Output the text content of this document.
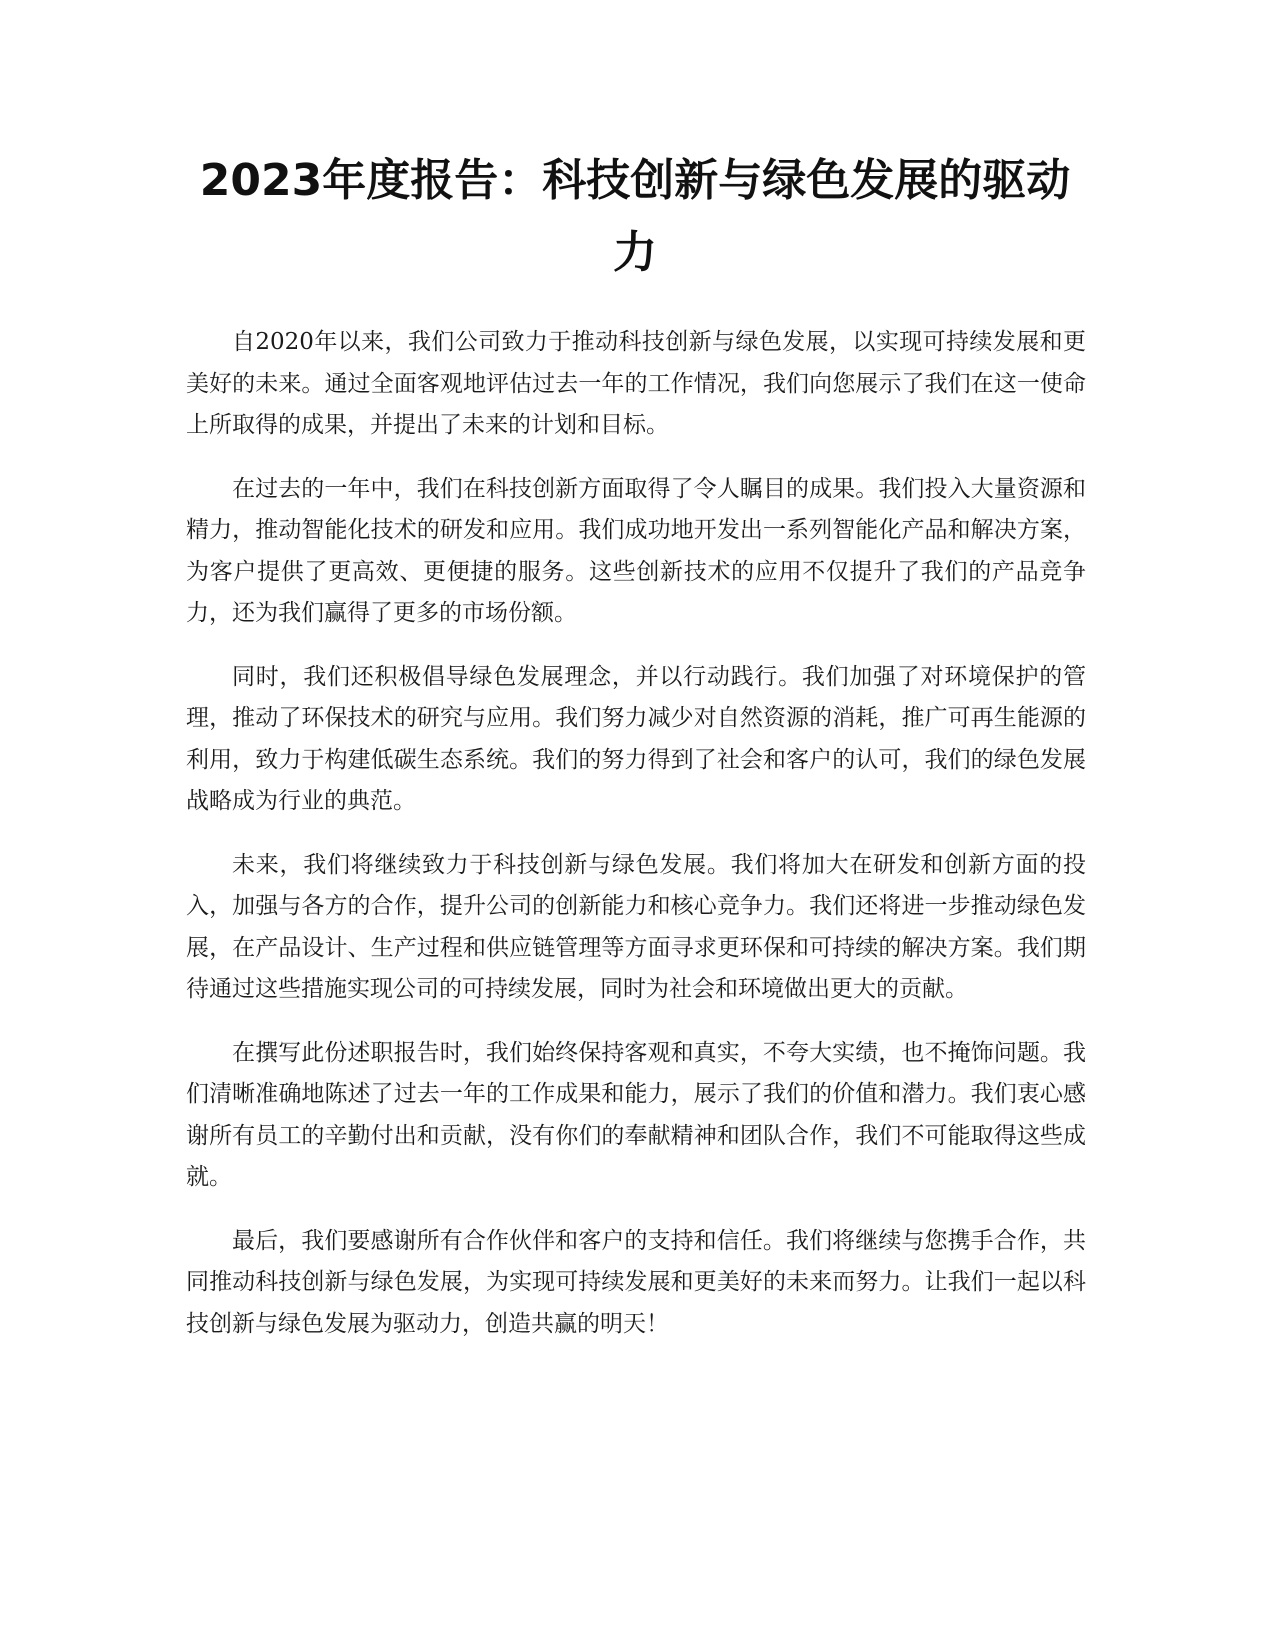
2023年度报告：科技创新与绿色发展的驱动力

自2020年以来，我们公司致力于推动科技创新与绿色发展，以实现可持续发展和更美好的未来。通过全面客观地评估过去一年的工作情况，我们向您展示了我们在这一使命上所取得的成果，并提出了未来的计划和目标。

在过去的一年中，我们在科技创新方面取得了令人瞩目的成果。我们投入大量资源和精力，推动智能化技术的研发和应用。我们成功地开发出一系列智能化产品和解决方案，为客户提供了更高效、更便捷的服务。这些创新技术的应用不仅提升了我们的产品竞争力，还为我们赢得了更多的市场份额。

同时，我们还积极倡导绿色发展理念，并以行动践行。我们加强了对环境保护的管理，推动了环保技术的研究与应用。我们努力减少对自然资源的消耗，推广可再生能源的利用，致力于构建低碳生态系统。我们的努力得到了社会和客户的认可，我们的绿色发展战略成为行业的典范。

未来，我们将继续致力于科技创新与绿色发展。我们将加大在研发和创新方面的投入，加强与各方的合作，提升公司的创新能力和核心竞争力。我们还将进一步推动绿色发展，在产品设计、生产过程和供应链管理等方面寻求更环保和可持续的解决方案。我们期待通过这些措施实现公司的可持续发展，同时为社会和环境做出更大的贡献。

在撰写此份述职报告时，我们始终保持客观和真实，不夸大实绩，也不掩饰问题。我们清晰准确地陈述了过去一年的工作成果和能力，展示了我们的价值和潜力。我们衷心感谢所有员工的辛勤付出和贡献，没有你们的奉献精神和团队合作，我们不可能取得这些成就。

最后，我们要感谢所有合作伙伴和客户的支持和信任。我们将继续与您携手合作，共同推动科技创新与绿色发展，为实现可持续发展和更美好的未来而努力。让我们一起以科技创新与绿色发展为驱动力，创造共赢的明天！
